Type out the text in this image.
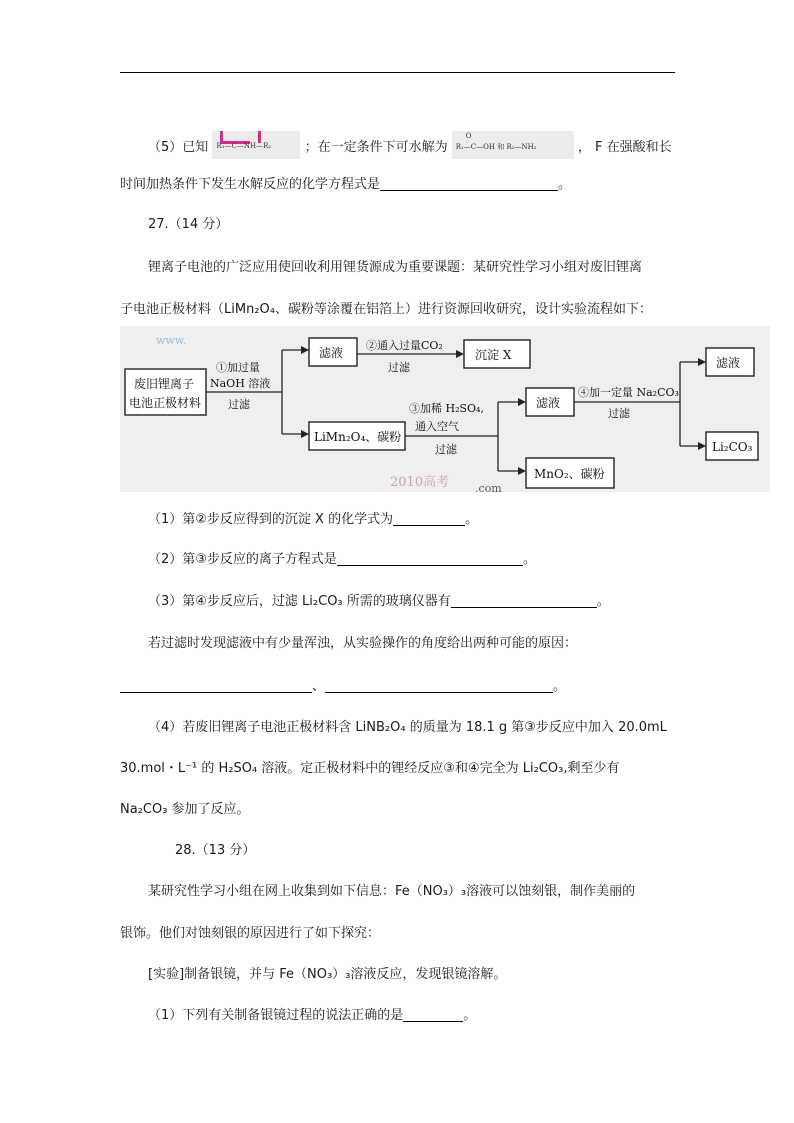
（5）已知 R₁—C—NH—R₂	；在一定条件下可水解为
O
R₁—C—OH 和 R₂—NH₂	， F 在强酸和长
时间加热条件下发生水解反应的化学方程式是	。
27.（14 分）
锂离子电池的广泛应用使回收利用锂货源成为重要课题：某研究性学习小组对废旧锂离
子电池正极材料（LiMn₂O₄、碳粉等涂覆在铝箔上）进行资源回收研究，设计实验流程如下：
www.
2010高考 .com
废旧锂离子
电池正极材料
①加过量
NaOH 溶液
过滤
滤液
②通入过量CO₂
过滤
沉淀 X
LiMn₂O₄、碳粉
③加稀 H₂SO₄,
通入空气
过滤
滤液
④加一定量 Na₂CO₃
过滤
滤液
Li₂CO₃
MnO₂、碳粉
（1）第②步反应得到的沉淀 X 的化学式为	。
（2）第③步反应的离子方程式是	。
（3）第④步反应后，过滤 Li₂CO₃ 所需的玻璃仪器有	。
若过滤时发现滤液中有少量浑浊，从实验操作的角度给出两种可能的原因：
、	。
（4）若废旧锂离子电池正极材料含 LiNB₂O₄ 的质量为 18.1 g 第③步反应中加入 20.0mL
30.mol・L⁻¹ 的 H₂SO₄ 溶液。定正极材料中的锂经反应③和④完全为 Li₂CO₃,剩至少有
Na₂CO₃ 参加了反应。
28.（13 分）
某研究性学习小组在网上收集到如下信息：Fe（NO₃）₃溶液可以蚀刻银，制作美丽的
银饰。他们对蚀刻银的原因进行了如下探究：
[实验]制备银镜，并与 Fe（NO₃）₃溶液反应，发现银镜溶解。
（1）下列有关制备银镜过程的说法正确的是	。
